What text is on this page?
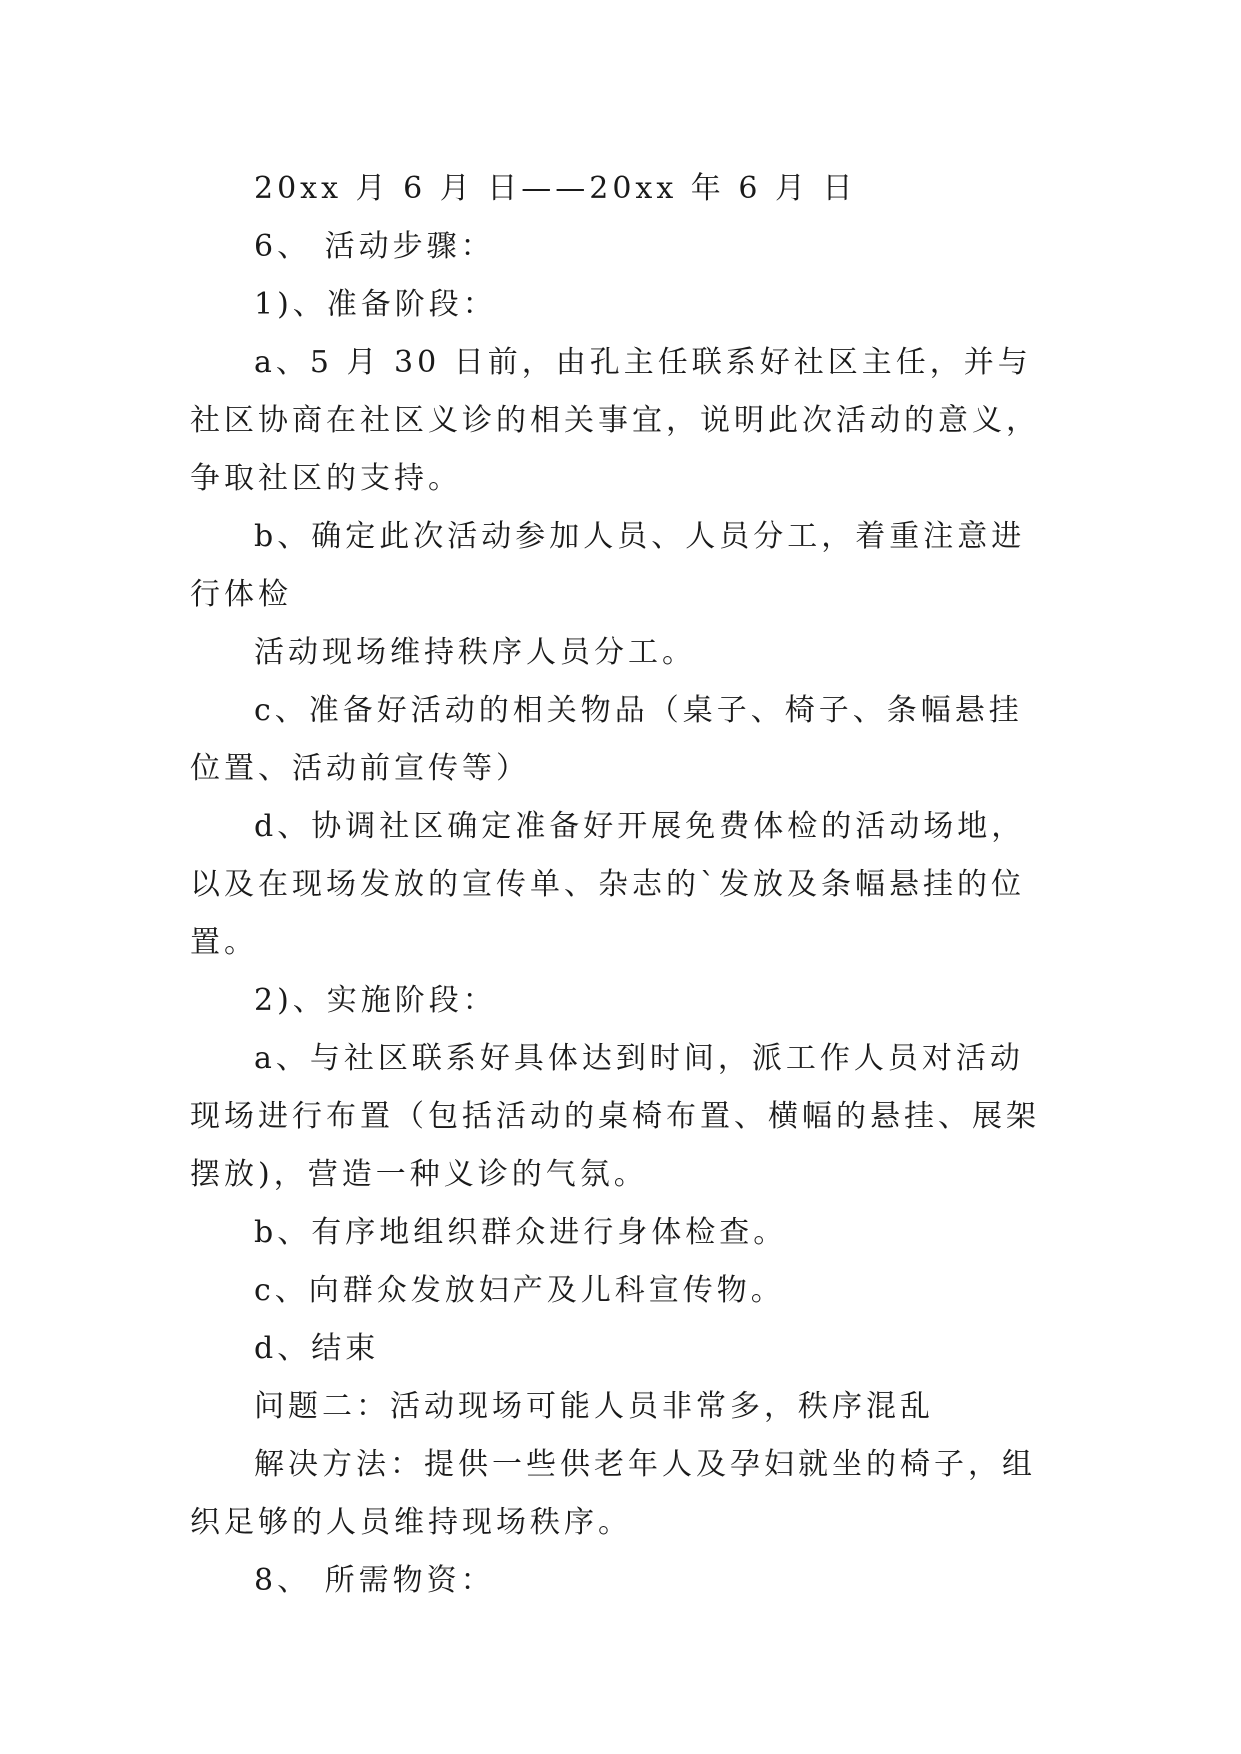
20xx 月 6 月 日——20xx 年 6 月 日

6、 活动步骤：

1)、准备阶段：

a、5 月 30 日前，由孔主任联系好社区主任，并与社区协商在社区义诊的相关事宜，说明此次活动的意义，争取社区的支持。

b、确定此次活动参加人员、人员分工，着重注意进行体检

活动现场维持秩序人员分工。

c、准备好活动的相关物品（桌子、椅子、条幅悬挂位置、活动前宣传等）

d、协调社区确定准备好开展免费体检的活动场地，以及在现场发放的宣传单、杂志的`发放及条幅悬挂的位置。

2)、实施阶段：

a、与社区联系好具体达到时间，派工作人员对活动现场进行布置（包括活动的桌椅布置、横幅的悬挂、展架摆放)，营造一种义诊的气氛。

b、有序地组织群众进行身体检查。

c、向群众发放妇产及儿科宣传物。

d、结束

问题二：活动现场可能人员非常多，秩序混乱

解决方法：提供一些供老年人及孕妇就坐的椅子，组织足够的人员维持现场秩序。

8、 所需物资：
